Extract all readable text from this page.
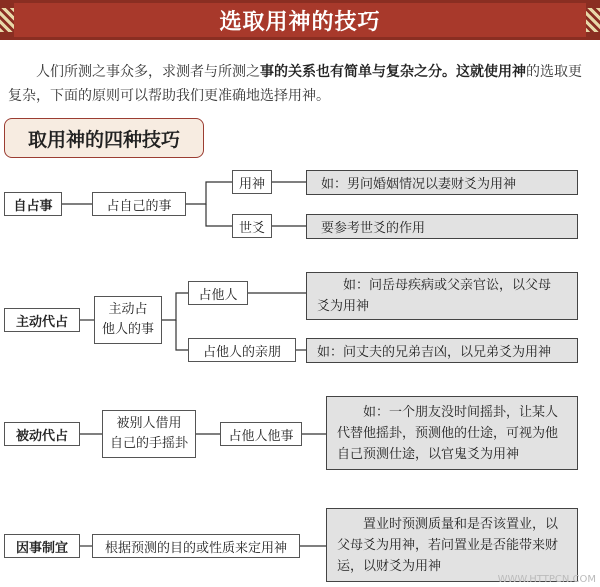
选取用神的技巧
人们所测之事众多，求测者与所测之事的关系也有简单与复杂之分。这就使用神的选取更复杂，下面的原则可以帮助我们更准确地选择用神。
取用神的四种技巧
自占事	占自己的事
用神	如：男问婚姻情况以妻财爻为用神
世爻	要参考世爻的作用
主动代占
主动占
他人的事
占他人
如：问岳母疾病或父亲官讼，以父母
爻为用神
占他人的亲朋	如：问丈夫的兄弟吉凶，以兄弟爻为用神
被动代占
被别人借用
自己的手摇卦	占他人他事
如：一个朋友没时间摇卦，让某人
代替他摇卦，预测他的仕途，可视为他
自己预测仕途，以官鬼爻为用神
因事制宜	根据预测的目的或性质来定用神
置业时预测质量和是否该置业，以
父母爻为用神，若问置业是否能带来财
运，以财爻为用神
WWW.HTTPCN.COM
